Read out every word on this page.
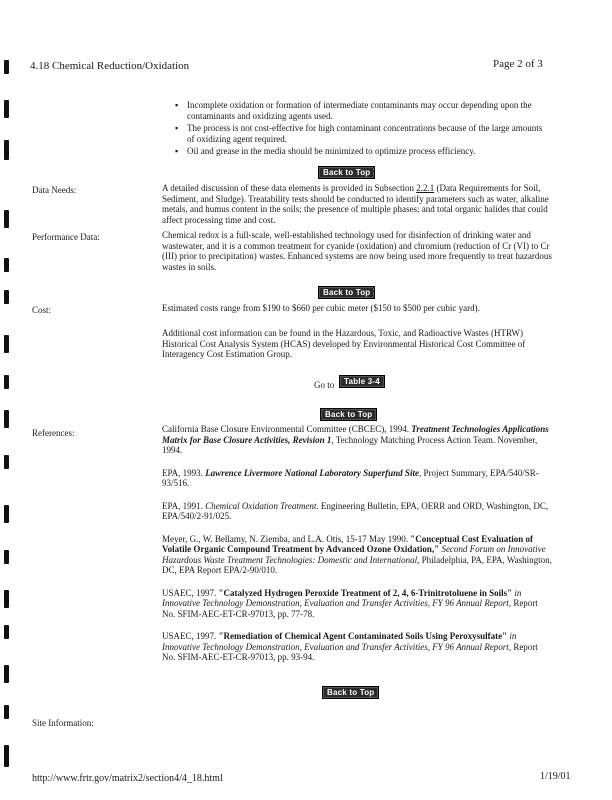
4.18 Chemical Reduction/Oxidation	Page 2 of 3
▪ Incomplete oxidation or formation of intermediate contaminants may occur depending upon the contaminants and oxidizing agents used.
▪ The process is not cost-effective for high contaminant concentrations because of the large amounts of oxidizing agent required.
▪ Oil and grease in the media should be minimized to optimize process efficiency.
Back to Top
Data Needs:	A detailed discussion of these data elements is provided in Subsection 2.2.1 (Data Requirements for Soil, Sediment, and Sludge). Treatability tests should be conducted to identify parameters such as water, alkaline metals, and humus content in the soils; the presence of multiple phases; and total organic halides that could affect processing time and cost.
Performance Data:	Chemical redox is a full-scale, well-established technology used for disinfection of drinking water and wastewater, and it is a common treatment for cyanide (oxidation) and chromium (reduction of Cr (VI) to Cr (III) prior to precipitation) wastes. Enhanced systems are now being used more frequently to treat hazardous wastes in soils.
Back to Top
Cost:	Estimated costs range from $190 to $660 per cubic meter ($150 to $500 per cubic yard).
Additional cost information can be found in the Hazardous, Toxic, and Radioactive Wastes (HTRW) Historical Cost Analysis System (HCAS) developed by Environmental Historical Cost Committee of Interagency Cost Estimation Group.
Go to	Table 3-4
Back to Top
References:	California Base Closure Environmental Committee (CBCEC), 1994. Treatment Technologies Applications Matrix for Base Closure Activities, Revision 1, Technology Matching Process Action Team. November, 1994.
EPA, 1993. Lawrence Livermore National Laboratory Superfund Site, Project Summary, EPA/540/SR-93/516.
EPA, 1991. Chemical Oxidation Treatment. Engineering Bulletin, EPA, OERR and ORD, Washington, DC, EPA/540/2-91/025.
Meyer, G., W. Bellamy, N. Ziemba, and L.A. Otis, 15-17 May 1990. "Conceptual Cost Evaluation of Volatile Organic Compound Treatment by Advanced Ozone Oxidation," Second Forum on Innovative Hazardous Waste Treatment Technologies: Domestic and International, Philadelphia, PA, EPA, Washington, DC, EPA Report EPA/2-90/010.
USAEC, 1997. "Catalyzed Hydrogen Peroxide Treatment of 2, 4, 6-Trinitrotoluene in Soils" in Innovative Technology Demonstration, Evaluation and Transfer Activities, FY 96 Annual Report, Report No. SFIM-AEC-ET-CR-97013, pp. 77-78.
USAEC, 1997. "Remediation of Chemical Agent Contaminated Soils Using Peroxysulfate" in Innovative Technology Demonstration, Evaluation and Transfer Activities, FY 96 Annual Report, Report No. SFIM-AEC-ET-CR-97013, pp. 93-94.
Back to Top
Site Information:
http://www.frtr.gov/matrix2/section4/4_18.html	1/19/01
